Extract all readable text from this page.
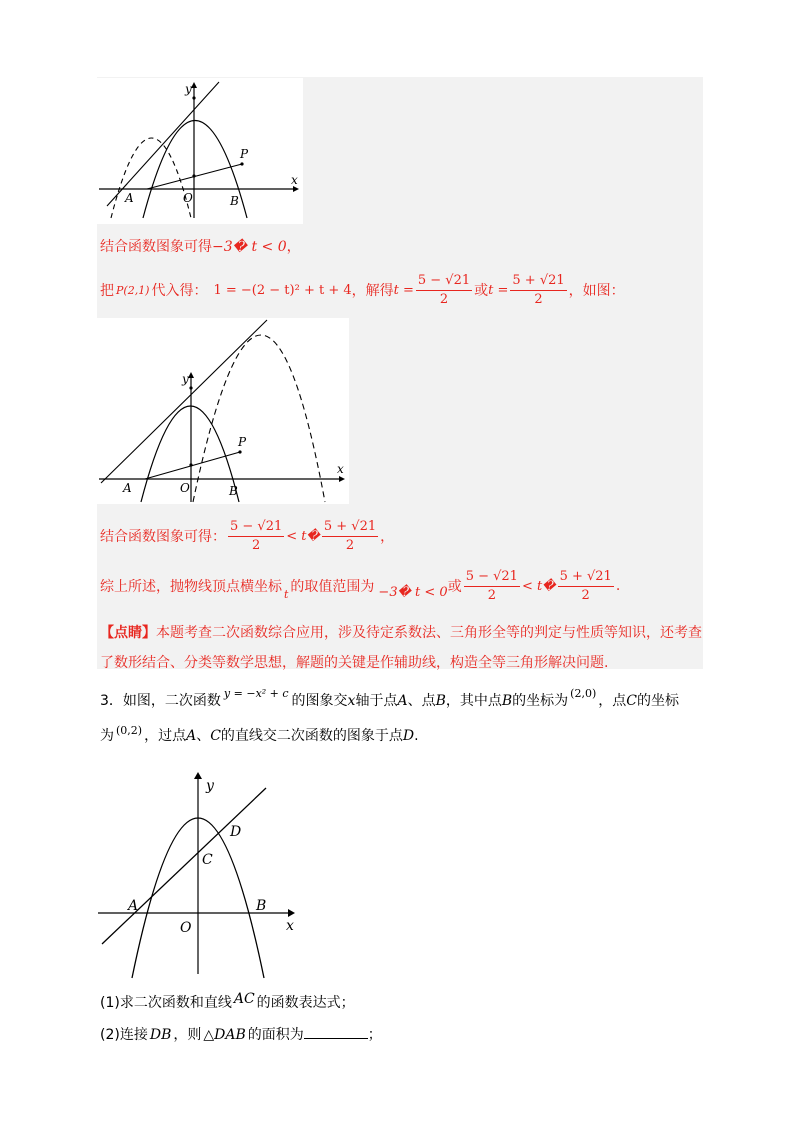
y
x
P
A	O	B
结合函数图象可得−3� t < 0，
把 P(2,1) 代入得： 1 = −(2 − t)² + t + 4 ，解得 $t = \frac{5 - √21}{2}$ 或 $t = \frac{5 + √21}{2}$ ，如图：
y
x
P
A	O	B
结合函数图象可得： $\frac{5 - √21}{2}$ < t� $\frac{5 + √21}{2}$ ，
综上所述，抛物线顶点横坐标 t 的取值范围为 −3� t < 0 或 $\frac{5 - √21}{2}$ < t� $\frac{5 + √21}{2}$ .
【点睛】本题考查二次函数综合应用，涉及待定系数法、三角形全等的判定与性质等知识，还考查了数形结合、分类等数学思想，解题的关键是作辅助线，构造全等三角形解决问题.
3．如图，二次函数 $^{y = -x^2 + c}$ 的图象交x轴于点A、点B，其中点B的坐标为 $^{(2,0)}$ ，点C的坐标
为 $^{(0,2)}$ ，过点A、C的直线交二次函数的图象于点D.
y
x
D
C
A
O
B
(1)求二次函数和直线 AC 的函数表达式；
(2)连接 DB ，则 △DAB 的面积为	；
